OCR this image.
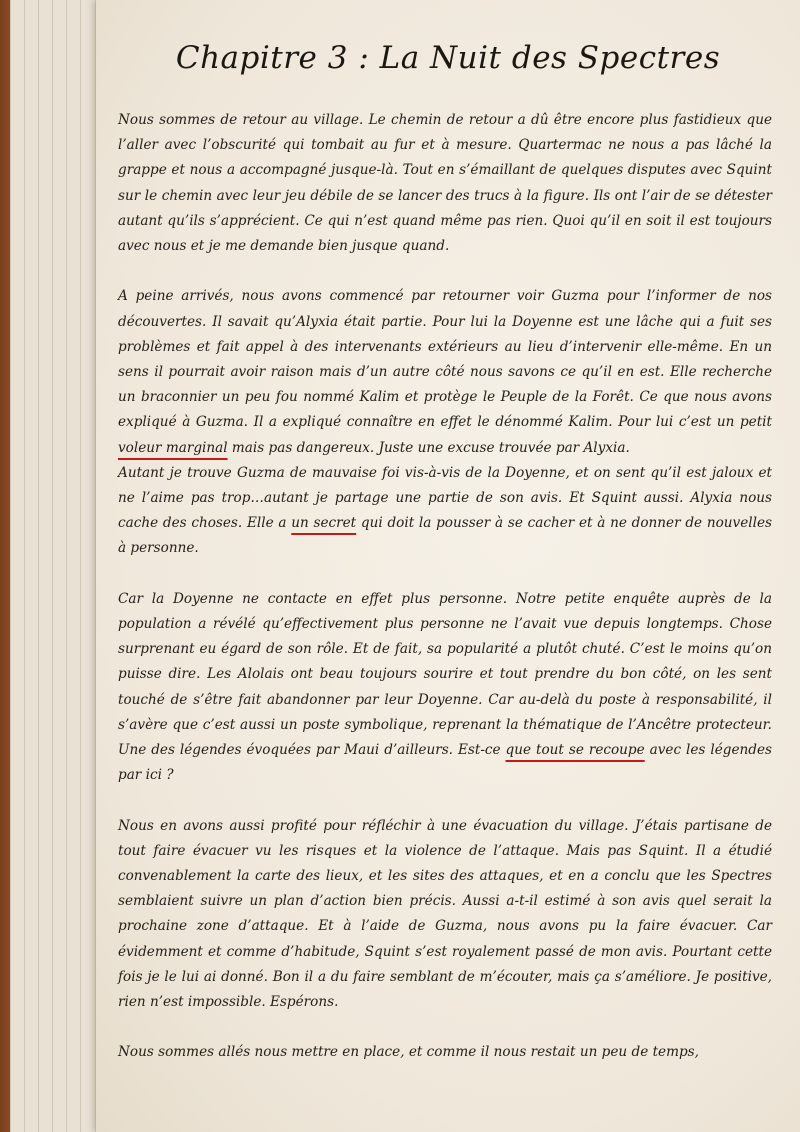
Chapitre 3 : La Nuit des Spectres

Nous sommes de retour au village. Le chemin de retour a dû être encore plus fastidieux que l’aller avec l’obscurité qui tombait au fur et à mesure. Quartermac ne nous a pas lâché la grappe et nous a accompagné jusque-là. Tout en s’émaillant de quelques disputes avec Squint sur le chemin avec leur jeu débile de se lancer des trucs à la figure. Ils ont l’air de se détester autant qu’ils s’apprécient. Ce qui n’est quand même pas rien. Quoi qu’il en soit il est toujours avec nous et je me demande bien jusque quand.

A peine arrivés, nous avons commencé par retourner voir Guzma pour l’informer de nos découvertes. Il savait qu’Alyxia était partie. Pour lui la Doyenne est une lâche qui a fuit ses problèmes et fait appel à des intervenants extérieurs au lieu d’intervenir elle-même. En un sens il pourrait avoir raison mais d’un autre côté nous savons ce qu’il en est. Elle recherche un braconnier un peu fou nommé Kalim et protège le Peuple de la Forêt. Ce que nous avons expliqué à Guzma. Il a expliqué connaître en effet le dénommé Kalim. Pour lui c’est un petit voleur marginal mais pas dangereux. Juste une excuse trouvée par Alyxia.

Autant je trouve Guzma de mauvaise foi vis-à-vis de la Doyenne, et on sent qu’il est jaloux et ne l’aime pas trop…autant je partage une partie de son avis. Et Squint aussi. Alyxia nous cache des choses. Elle a un secret qui doit la pousser à se cacher et à ne donner de nouvelles à personne.

Car la Doyenne ne contacte en effet plus personne. Notre petite enquête auprès de la population a révélé qu’effectivement plus personne ne l’avait vue depuis longtemps. Chose surprenant eu égard de son rôle. Et de fait, sa popularité a plutôt chuté. C’est le moins qu’on puisse dire. Les Alolais ont beau toujours sourire et tout prendre du bon côté, on les sent touché de s’être fait abandonner par leur Doyenne. Car au-delà du poste à responsabilité, il s’avère que c’est aussi un poste symbolique, reprenant la thématique de l’Ancêtre protecteur. Une des légendes évoquées par Maui d’ailleurs. Est-ce que tout se recoupe avec les légendes par ici ?

Nous en avons aussi profité pour réfléchir à une évacuation du village. J’étais partisane de tout faire évacuer vu les risques et la violence de l’attaque. Mais pas Squint. Il a étudié convenablement la carte des lieux, et les sites des attaques, et en a conclu que les Spectres semblaient suivre un plan d’action bien précis. Aussi a-t-il estimé à son avis quel serait la prochaine zone d’attaque. Et à l’aide de Guzma, nous avons pu la faire évacuer. Car évidemment et comme d’habitude, Squint s’est royalement passé de mon avis. Pourtant cette fois je le lui ai donné. Bon il a du faire semblant de m’écouter, mais ça s’améliore. Je positive, rien n’est impossible. Espérons.

Nous sommes allés nous mettre en place, et comme il nous restait un peu de temps,
